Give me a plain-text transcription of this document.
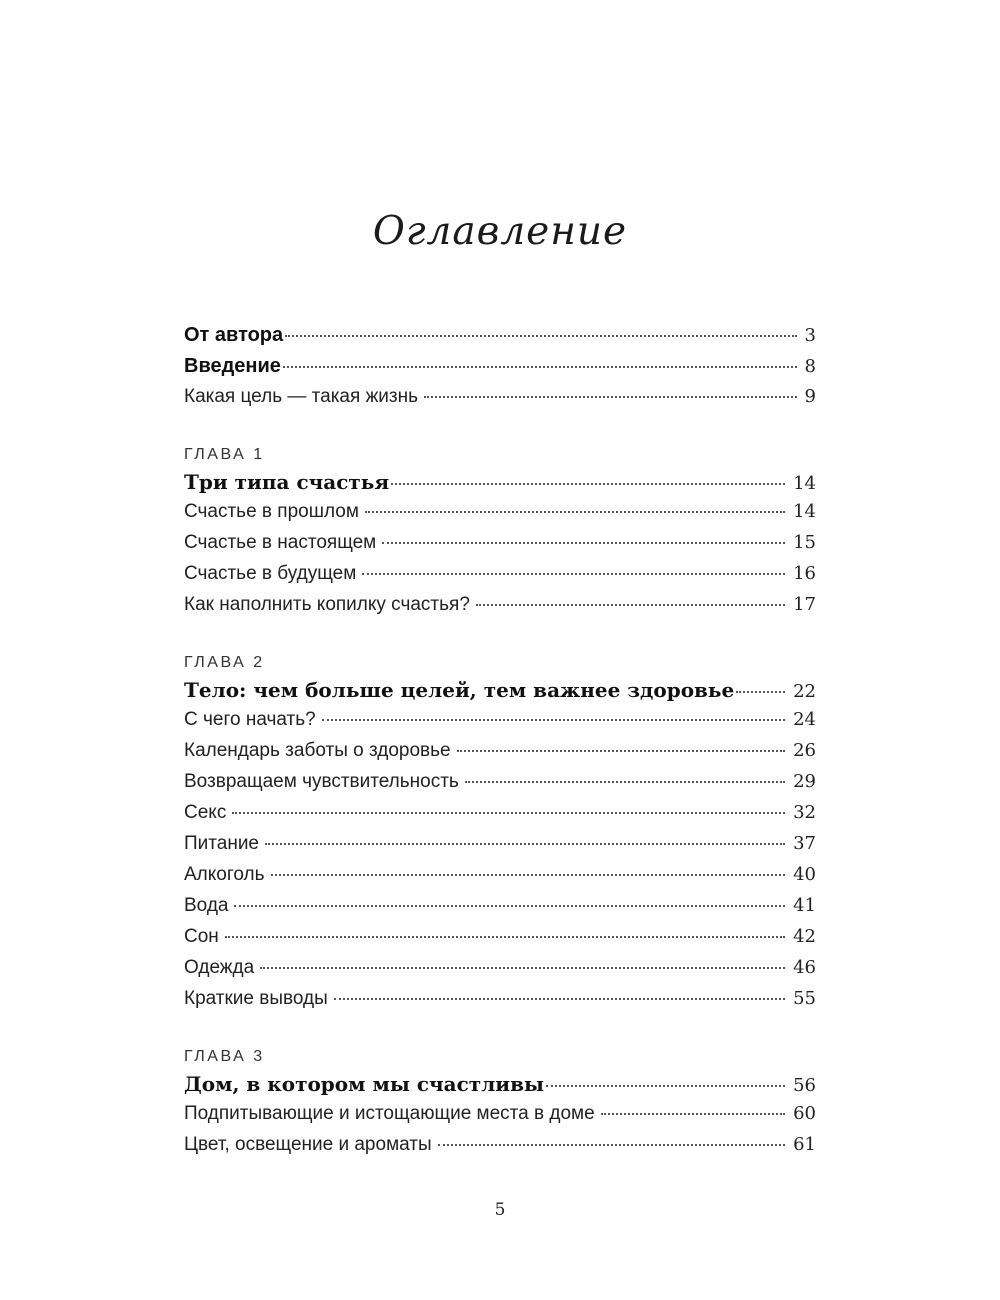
Оглавление
От автора	3
Введение	8
Какая цель — такая жизнь	9
ГЛАВА 1
Три типа счастья	14
Счастье в прошлом	14
Счастье в настоящем	15
Счастье в будущем	16
Как наполнить копилку счастья?	17
ГЛАВА 2
Тело: чем больше целей, тем важнее здоровье	22
С чего начать?	24
Календарь заботы о здоровье	26
Возвращаем чувствительность	29
Секс	32
Питание	37
Алкоголь	40
Вода	41
Сон	42
Одежда	46
Краткие выводы	55
ГЛАВА 3
Дом, в котором мы счастливы	56
Подпитывающие и истощающие места в доме	60
Цвет, освещение и ароматы	61
5
